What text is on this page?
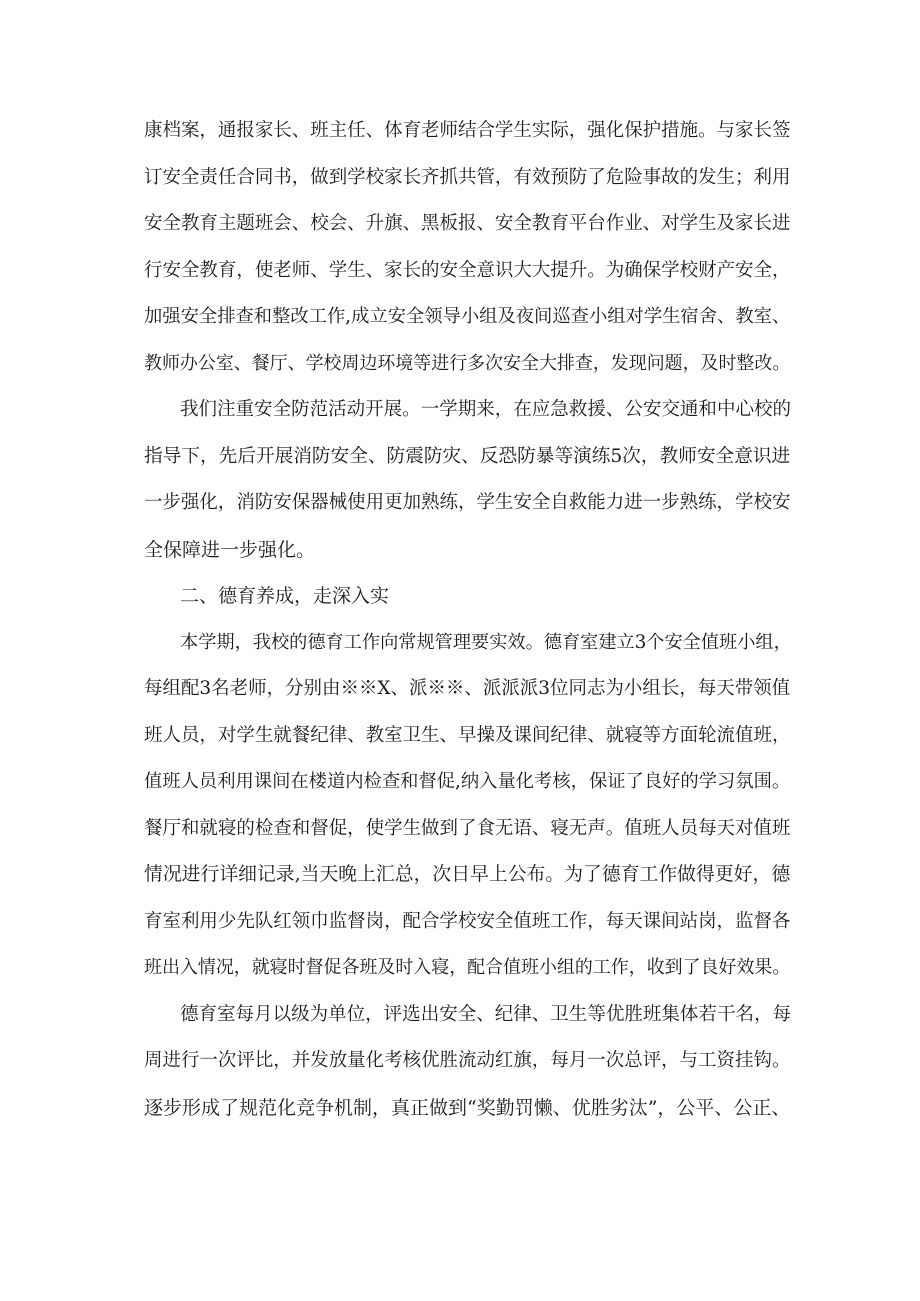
康档案，通报家长、班主任、体育老师结合学生实际，强化保护措施。与家长签
订安全责任合同书，做到学校家长齐抓共管，有效预防了危险事故的发生；利用
安全教育主题班会、校会、升旗、黑板报、安全教育平台作业、对学生及家长进
行安全教育，使老师、学生、家长的安全意识大大提升。为确保学校财产安全，
加强安全排查和整改工作,成立安全领导小组及夜间巡查小组对学生宿舍、教室、
教师办公室、餐厅、学校周边环境等进行多次安全大排查，发现问题，及时整改。
我们注重安全防范活动开展。一学期来，在应急救援、公安交通和中心校的
指导下，先后开展消防安全、防震防灾、反恐防暴等演练5次，教师安全意识进
一步强化，消防安保器械使用更加熟练，学生安全自救能力进一步熟练，学校安
全保障进一步强化。
二、德育养成，走深入实
本学期，我校的德育工作向常规管理要实效。德育室建立3个安全值班小组，
每组配3名老师，分别由※※X、派※※、派派派3位同志为小组长，每天带领值
班人员，对学生就餐纪律、教室卫生、早操及课间纪律、就寝等方面轮流值班，
值班人员利用课间在楼道内检查和督促,纳入量化考核，保证了良好的学习氛围。
餐厅和就寝的检查和督促，使学生做到了食无语、寝无声。值班人员每天对值班
情况进行详细记录,当天晚上汇总，次日早上公布。为了德育工作做得更好，德
育室利用少先队红领巾监督岗，配合学校安全值班工作，每天课间站岗，监督各
班出入情况，就寝时督促各班及时入寝，配合值班小组的工作，收到了良好效果。
德育室每月以级为单位，评选出安全、纪律、卫生等优胜班集体若干名，每
周进行一次评比，并发放量化考核优胜流动红旗，每月一次总评，与工资挂钩。
逐步形成了规范化竞争机制，真正做到“奖勤罚懒、优胜劣汰”，公平、公正、
